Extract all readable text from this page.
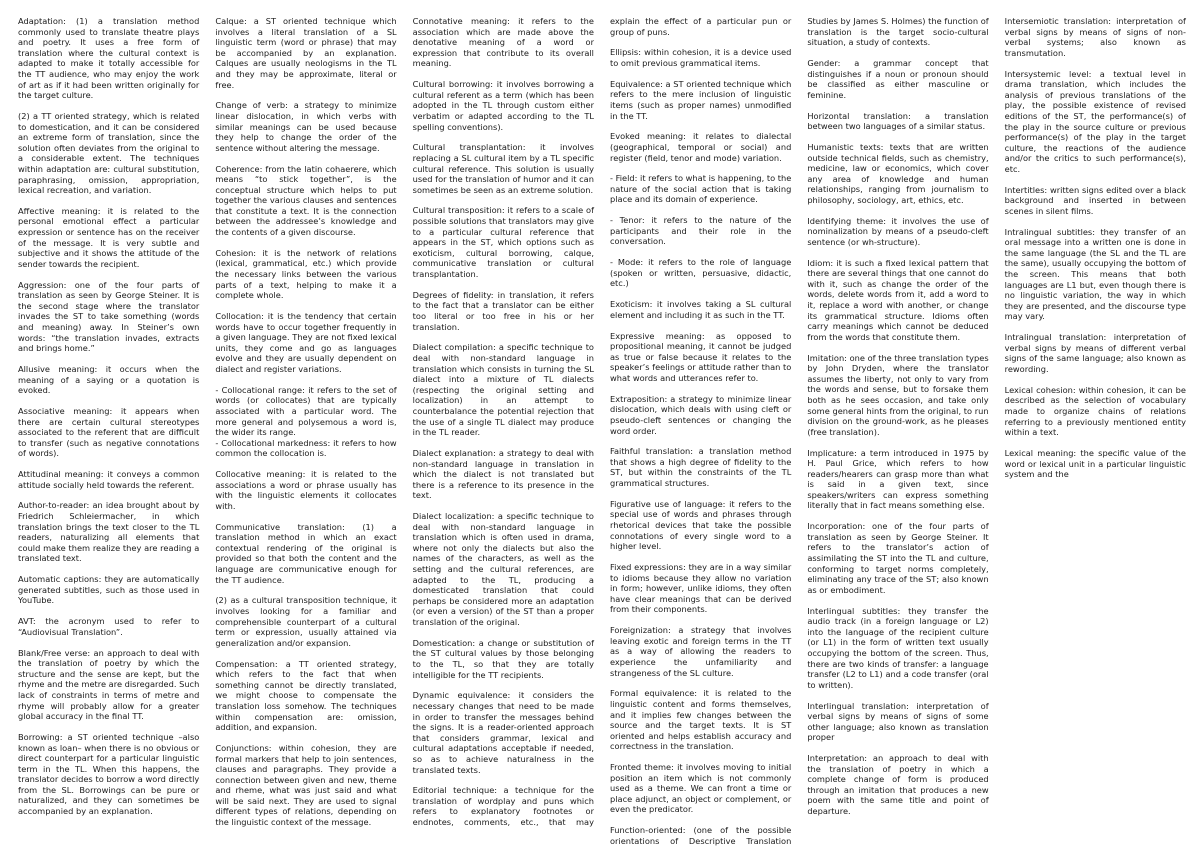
Adaptation: (1) a translation method commonly used to translate theatre plays and poetry. It uses a free form of translation where the cultural context is adapted to make it totally accessible for the TT audience, who may enjoy the work of art as if it had been written originally for the target culture.

(2) a TT oriented strategy, which is related to domestication, and it can be considered an extreme form of translation, since the solution often deviates from the original to a considerable extent. The techniques within adaptation are: cultural substitution, paraphrasing, omission, appropriation, lexical recreation, and variation.

Affective meaning: it is related to the personal emotional effect a particular expression or sentence has on the receiver of the message. It is very subtle and subjective and it shows the attitude of the sender towards the recipient.

Aggression: one of the four parts of translation as seen by George Steiner. It is the second stage where the translator invades the ST to take something (words and meaning) away. In Steiner’s own words: “the translation invades, extracts and brings home.”

Allusive meaning: it occurs when the meaning of a saying or a quotation is evoked.

Associative meaning: it appears when there are certain cultural stereotypes associated to the referent that are difficult to transfer (such as negative connotations of words).

Attitudinal meaning: it conveys a common attitude socially held towards the referent.

Author-to-reader: an idea brought about by Friedrich Schleiermacher, in which translation brings the text closer to the TL readers, naturalizing all elements that could make them realize they are reading a translated text.

Automatic captions: they are automatically generated subtitles, such as those used in YouTube.

AVT: the acronym used to refer to “Audiovisual Translation”.

Blank/Free verse: an approach to deal with the translation of poetry by which the structure and the sense are kept, but the rhyme and the metre are disregarded. Such lack of constraints in terms of metre and rhyme will probably allow for a greater global accuracy in the final TT.

Borrowing: a ST oriented technique –also known as loan– when there is no obvious or direct counterpart for a particular linguistic term in the TL. When this happens, the translator decides to borrow a word directly from the SL. Borrowings can be pure or naturalized, and they can sometimes be accompanied by an explanation.

Calque: a ST oriented technique which involves a literal translation of a SL linguistic term (word or phrase) that may be accompanied by an explanation. Calques are usually neologisms in the TL and they may be approximate, literal or free.

Change of verb: a strategy to minimize linear dislocation, in which verbs with similar meanings can be used because they help to change the order of the sentence without altering the message.

Coherence: from the latin cohaerere, which means “to stick together”, is the conceptual structure which helps to put together the various clauses and sentences that constitute a text. It is the connection between the addressee’s knowledge and the contents of a given discourse.

Cohesion: it is the network of relations (lexical, grammatical, etc.) which provide the necessary links between the various parts of a text, helping to make it a complete whole.

Collocation: it is the tendency that certain words have to occur together frequently in a given language. They are not fixed lexical units, they come and go as languages evolve and they are usually dependent on dialect and register variations.

- Collocational range: it refers to the set of words (or collocates) that are typically associated with a particular word. The more general and polysemous a word is, the wider its range.
- Collocational markedness: it refers to how common the collocation is.

Collocative meaning: it is related to the associations a word or phrase usually has with the linguistic elements it collocates with.

Communicative translation: (1) a translation method in which an exact contextual rendering of the original is provided so that both the content and the language are communicative enough for the TT audience.

(2) as a cultural transposition technique, it involves looking for a familiar and comprehensible counterpart of a cultural term or expression, usually attained via generalization and/or expansion.

Compensation: a TT oriented strategy, which refers to the fact that when something cannot be directly translated, we might choose to compensate the translation loss somehow. The techniques within compensation are: omission, addition, and expansion.

Conjunctions: within cohesion, they are formal markers that help to join sentences, clauses and paragraphs. They provide a connection between given and new, theme and rheme, what was just said and what will be said next. They are used to signal different types of relations, depending on the linguistic context of the message.

Connotative meaning: it refers to the association which are made above the denotative meaning of a word or expression that contribute to its overall meaning.

Cultural borrowing: it involves borrowing a cultural referent as a term (which has been adopted in the TL through custom either verbatim or adapted according to the TL spelling conventions).

Cultural transplantation: it involves replacing a SL cultural item by a TL specific cultural reference. This solution is usually used for the translation of humor and it can sometimes be seen as an extreme solution.

Cultural transposition: it refers to a scale of possible solutions that translators may give to a particular cultural reference that appears in the ST, which options such as exoticism, cultural borrowing, calque, communicative translation or cultural transplantation.

Degrees of fidelity: in translation, it refers to the fact that a translator can be either too literal or too free in his or her translation.

Dialect compilation: a specific technique to deal with non-standard language in translation which consists in turning the SL dialect into a mixture of TL dialects (respecting the original setting and localization) in an attempt to counterbalance the potential rejection that the use of a single TL dialect may produce in the TL reader.

Dialect explanation: a strategy to deal with non-standard language in translation in which the dialect is not translated but there is a reference to its presence in the text.

Dialect localization: a specific technique to deal with non-standard language in translation which is often used in drama, where not only the dialects but also the names of the characters, as well as the setting and the cultural references, are adapted to the TL, producing a domesticated translation that could perhaps be considered more an adaptation (or even a version) of the ST than a proper translation of the original.

Domestication: a change or substitution of the ST cultural values by those belonging to the TL, so that they are totally intelligible for the TT recipients.

Dynamic equivalence: it considers the necessary changes that need to be made in order to transfer the messages behind the signs. It is a reader-oriented approach that considers grammar, lexical and cultural adaptations acceptable if needed, so as to achieve naturalness in the translated texts.

Editorial technique: a technique for the translation of wordplay and puns which refers to explanatory footnotes or endnotes, comments, etc., that may explain the effect of a particular pun or group of puns.

Ellipsis: within cohesion, it is a device used to omit previous grammatical items.

Equivalence: a ST oriented technique which refers to the mere inclusion of linguistic items (such as proper names) unmodified in the TT.

Evoked meaning: it relates to dialectal (geographical, temporal or social) and register (field, tenor and mode) variation.

- Field: it refers to what is happening, to the nature of the social action that is taking place and its domain of experience.

- Tenor: it refers to the nature of the participants and their role in the conversation.

- Mode: it refers to the role of language (spoken or written, persuasive, didactic, etc.)

Exoticism: it involves taking a SL cultural element and including it as such in the TT.

Expressive meaning: as opposed to propositional meaning, it cannot be judged as true or false because it relates to the speaker’s feelings or attitude rather than to what words and utterances refer to.

Extraposition: a strategy to minimize linear dislocation, which deals with using cleft or pseudo-cleft sentences or changing the word order.

Faithful translation: a translation method that shows a high degree of fidelity to the ST, but within the constraints of the TL grammatical structures.

Figurative use of language: it refers to the special use of words and phrases through rhetorical devices that take the possible connotations of every single word to a higher level.

Fixed expressions: they are in a way similar to idioms because they allow no variation in form; however, unlike idioms, they often have clear meanings that can be derived from their components.

Foreignization: a strategy that involves leaving exotic and foreign terms in the TT as a way of allowing the readers to experience the unfamiliarity and strangeness of the SL culture.

Formal equivalence: it is related to the linguistic content and forms themselves, and it implies few changes between the source and the target texts. It is ST oriented and helps establish accuracy and correctness in the translation.

Fronted theme: it involves moving to initial position an item which is not commonly used as a theme. We can front a time or place adjunct, an object or complement, or even the predicator.

Function-oriented: (one of the possible orientations of Descriptive Translation Studies by James S. Holmes) the function of translation is the target socio-cultural situation, a study of contexts.

Gender: a grammar concept that distinguishes if a noun or pronoun should be classified as either masculine or feminine.

Horizontal translation: a translation between two languages of a similar status.

Humanistic texts: texts that are written outside technical fields, such as chemistry, medicine, law or economics, which cover any area of knowledge and human relationships, ranging from journalism to philosophy, sociology, art, ethics, etc.

Identifying theme: it involves the use of nominalization by means of a pseudo-cleft sentence (or wh-structure).

Idiom: it is such a fixed lexical pattern that there are several things that one cannot do with it, such as change the order of the words, delete words from it, add a word to it, replace a word with another, or change its grammatical structure. Idioms often carry meanings which cannot be deduced from the words that constitute them.

Imitation: one of the three translation types by John Dryden, where the translator assumes the liberty, not only to vary from the words and sense, but to forsake them both as he sees occasion, and take only some general hints from the original, to run division on the ground-work, as he pleases (free translation).

Implicature: a term introduced in 1975 by H. Paul Grice, which refers to how readers/hearers can grasp more than what is said in a given text, since speakers/writers can express something literally that in fact means something else.

Incorporation: one of the four parts of translation as seen by George Steiner. It refers to the translator’s action of assimilating the ST into the TL and culture, conforming to target norms completely, eliminating any trace of the ST; also known as or embodiment.

Interlingual subtitles: they transfer the audio track (in a foreign language or L2) into the language of the recipient culture (or L1) in the form of written text usually occupying the bottom of the screen. Thus, there are two kinds of transfer: a language transfer (L2 to L1) and a code transfer (oral to written).

Interlingual translation: interpretation of verbal signs by means of signs of some other language; also known as translation proper

Interpretation: an approach to deal with the translation of poetry in which a complete change of form is produced through an imitation that produces a new poem with the same title and point of departure.

Intersemiotic translation: interpretation of verbal signs by means of signs of non-verbal systems; also known as transmutation.

Intersystemic level: a textual level in drama translation, which includes the analysis of previous translations of the play, the possible existence of revised editions of the ST, the performance(s) of the play in the source culture or previous performance(s) of the play in the target culture, the reactions of the audience and/or the critics to such performance(s), etc.

Intertitles: written signs edited over a black background and inserted in between scenes in silent films.

Intralingual subtitles: they transfer of an oral message into a written one is done in the same language (the SL and the TL are the same), usually occupying the bottom of the screen. This means that both languages are L1 but, even though there is no linguistic variation, the way in which they are presented, and the discourse type may vary.

Intralingual translation: interpretation of verbal signs by means of different verbal signs of the same language; also known as rewording.

Lexical cohesion: within cohesion, it can be described as the selection of vocabulary made to organize chains of relations referring to a previously mentioned entity within a text.

Lexical meaning: the specific value of the word or lexical unit in a particular linguistic system and the
